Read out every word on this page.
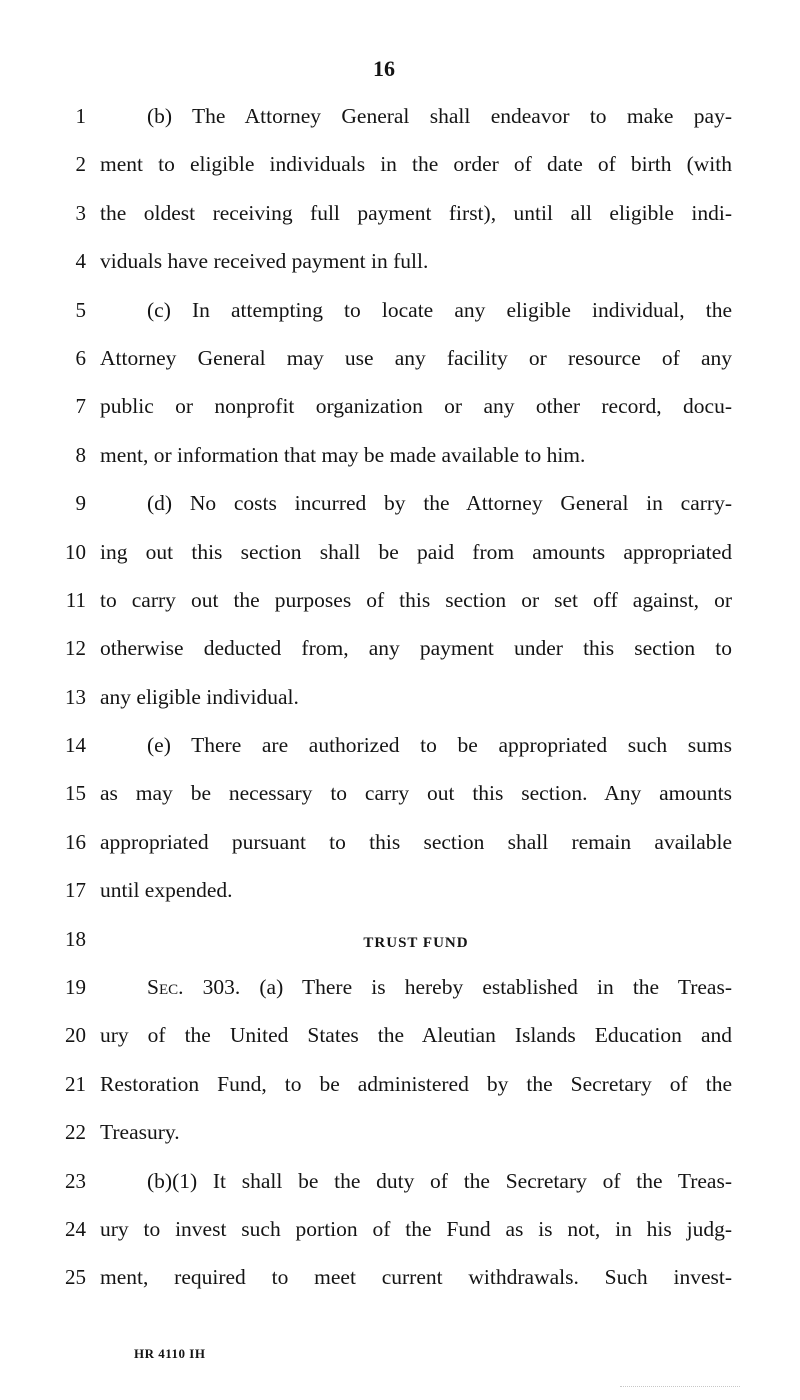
16
1	(b) The Attorney General shall endeavor to make pay-
2 ment to eligible individuals in the order of date of birth (with
3 the oldest receiving full payment first), until all eligible indi-
4 viduals have received payment in full.
5	(c) In attempting to locate any eligible individual, the
6 Attorney General may use any facility or resource of any
7 public or nonprofit organization or any other record, docu-
8 ment, or information that may be made available to him.
9	(d) No costs incurred by the Attorney General in carry-
10 ing out this section shall be paid from amounts appropriated
11 to carry out the purposes of this section or set off against, or
12 otherwise deducted from, any payment under this section to
13 any eligible individual.
14	(e) There are authorized to be appropriated such sums
15 as may be necessary to carry out this section. Any amounts
16 appropriated pursuant to this section shall remain available
17 until expended.
18	TRUST FUND
19	Sec. 303. (a) There is hereby established in the Treas-
20 ury of the United States the Aleutian Islands Education and
21 Restoration Fund, to be administered by the Secretary of the
22 Treasury.
23	(b)(1) It shall be the duty of the Secretary of the Treas-
24 ury to invest such portion of the Fund as is not, in his judg-
25 ment, required to meet current withdrawals. Such invest-
HR 4110 IH
